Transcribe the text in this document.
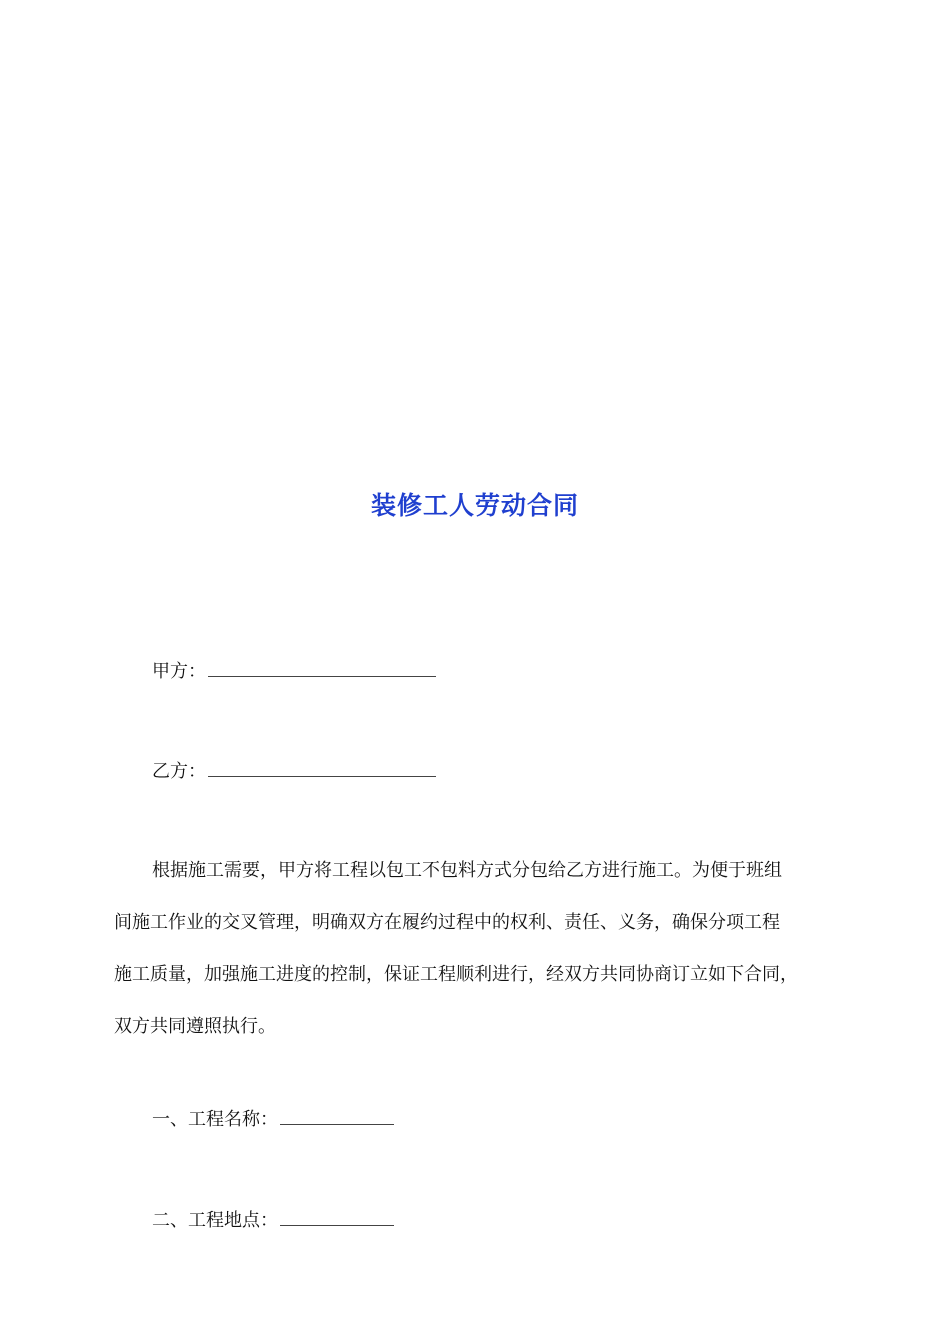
装修工人劳动合同
甲方：
乙方：
根据施工需要，甲方将工程以包工不包料方式分包给乙方进行施工。为便于班组
间施工作业的交叉管理，明确双方在履约过程中的权利、责任、义务，确保分项工程
施工质量，加强施工进度的控制，保证工程顺利进行，经双方共同协商订立如下合同，
双方共同遵照执行。
一、工程名称：
二、工程地点：
